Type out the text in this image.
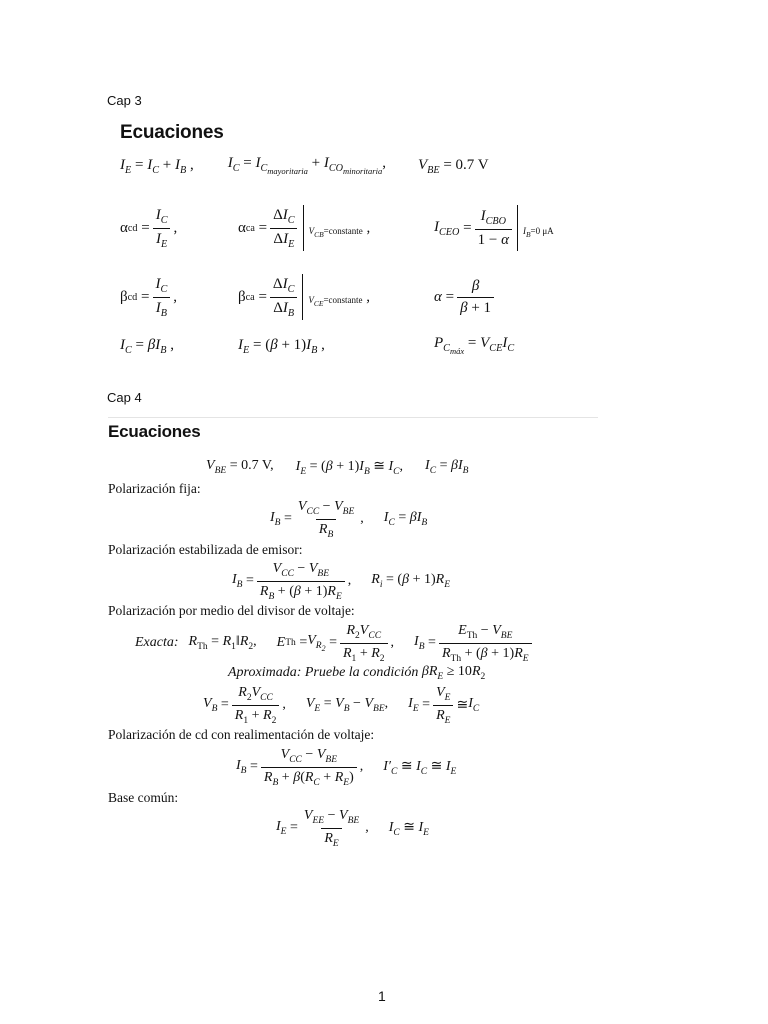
Cap 3
Ecuaciones
$I_E = I_C + I_B$ , $I_C = I_{C_{mayoritaria}} + I_{CO_{minoritaria}}$, $V_{BE} = 0.7$ V
α cd = $\frac{I_C}{I_E}$ ,	α ca = $\frac{\Delta I_C}{\Delta I_E}$ $V_{CB}=constante$ ,	$I_{CEO} = \frac{I_{CBO}}{1 - \alpha} I_B=0$ μA
β cd = $\frac{I_C}{I_B}$ ,	β ca = $\frac{\Delta I_C}{\Delta I_B}$ $V_{CE}=constante$ ,	$\alpha = \frac{\beta}{\beta + 1}$
$I_C = \beta I_B$ ,	$I_E = (\beta + 1)I_B$ ,	$P_{C_{máx}} = V_{CE}I_C$
Cap 4
Ecuaciones
$V_{BE} = 0.7$ V, $I_E = (\beta + 1)I_B$ ≅ $I_C$, $I_C = \beta I_B$
Polarización fija:
$I_B = \frac{V_{CC} - V_{BE}}{R_B}$ , $I_C = \beta I_B$
Polarización estabilizada de emisor:
$I_B = \frac{V_{CC} - V_{BE}}{R_B + (\beta + 1)R_E}$ , $R_i = (\beta + 1)R_E$
Polarización por medio del divisor de voltaje:
Exacta: $R_{Th}$ = $R_1‖R_2$, E $Th = V_{R_2} = \frac{R_2V_{CC}}{R_1 + R_2}$ , $I_B = \frac{E_{Th} - V_{BE}}{R_{Th} + (\beta + 1)R_E}$
Aproximada: Pruebe la condición $\beta R_E \ge 10R_2$
$V_B = \frac{R_2V_{CC}}{R_1 + R_2}$ , $V_E = V_B - V_{BE}$, $I_E = \frac{V_E}{R_E}$ ≅ $I_C$
Polarización de cd con realimentación de voltaje:
$I_B = \frac{V_{CC} - V_{BE}}{R_B + \beta(R_C + R_E)}$ , $I'_C$ ≅ $I_C$ ≅ $I_E$
Base común:
$I_E = \frac{V_{EE} - V_{BE}}{R_E}$ , $I_C$ ≅ $I_E$
1
